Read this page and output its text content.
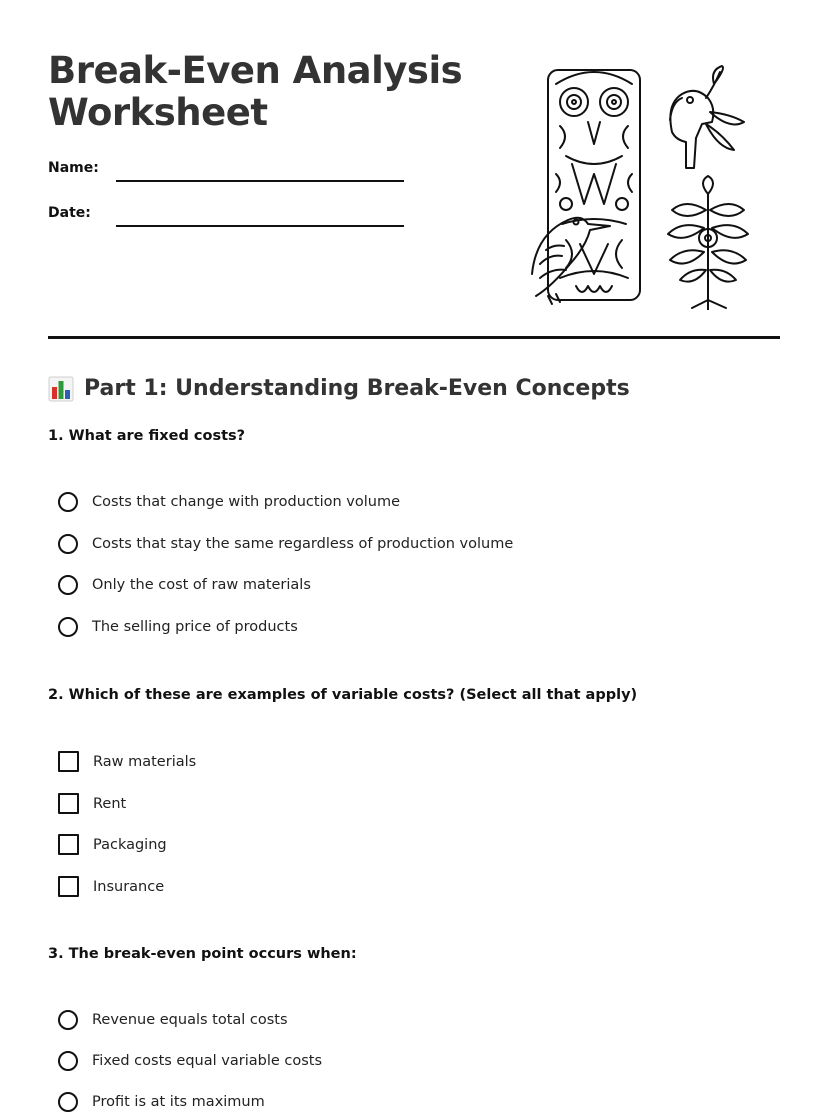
Break-Even Analysis
Worksheet
Name:
Date:
Part 1: Understanding Break-Even Concepts

1. What are fixed costs?

Costs that change with production volume
Costs that stay the same regardless of production volume
Only the cost of raw materials
The selling price of products

2. Which of these are examples of variable costs? (Select all that apply)

Raw materials
Rent
Packaging
Insurance

3. The break-even point occurs when:

Revenue equals total costs
Fixed costs equal variable costs
Profit is at its maximum
